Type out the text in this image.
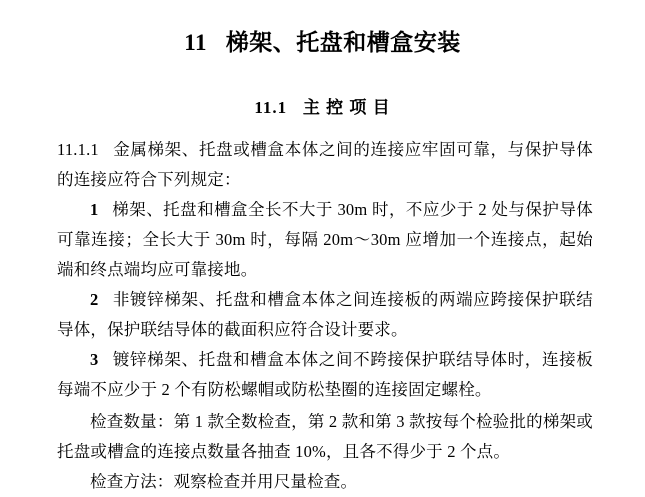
11   梯架、托盘和槽盒安装
11.1   主 控 项 目

11.1.1 金属梯架、托盘或槽盒本体之间的连接应牢固可靠，与保护导体的连接应符合下列规定：

1 梯架、托盘和槽盒全长不大于 30m 时，不应少于 2 处与保护导体可靠连接；全长大于 30m 时，每隔 20m～30m 应增加一个连接点，起始端和终点端均应可靠接地。

2 非镀锌梯架、托盘和槽盒本体之间连接板的两端应跨接保护联结导体，保护联结导体的截面积应符合设计要求。

3 镀锌梯架、托盘和槽盒本体之间不跨接保护联结导体时，连接板每端不应少于 2 个有防松螺帽或防松垫圈的连接固定螺栓。

检查数量：第 1 款全数检查，第 2 款和第 3 款按每个检验批的梯架或托盘或槽盒的连接点数量各抽查 10%，且各不得少于 2 个点。

检查方法：观察检查并用尺量检查。
